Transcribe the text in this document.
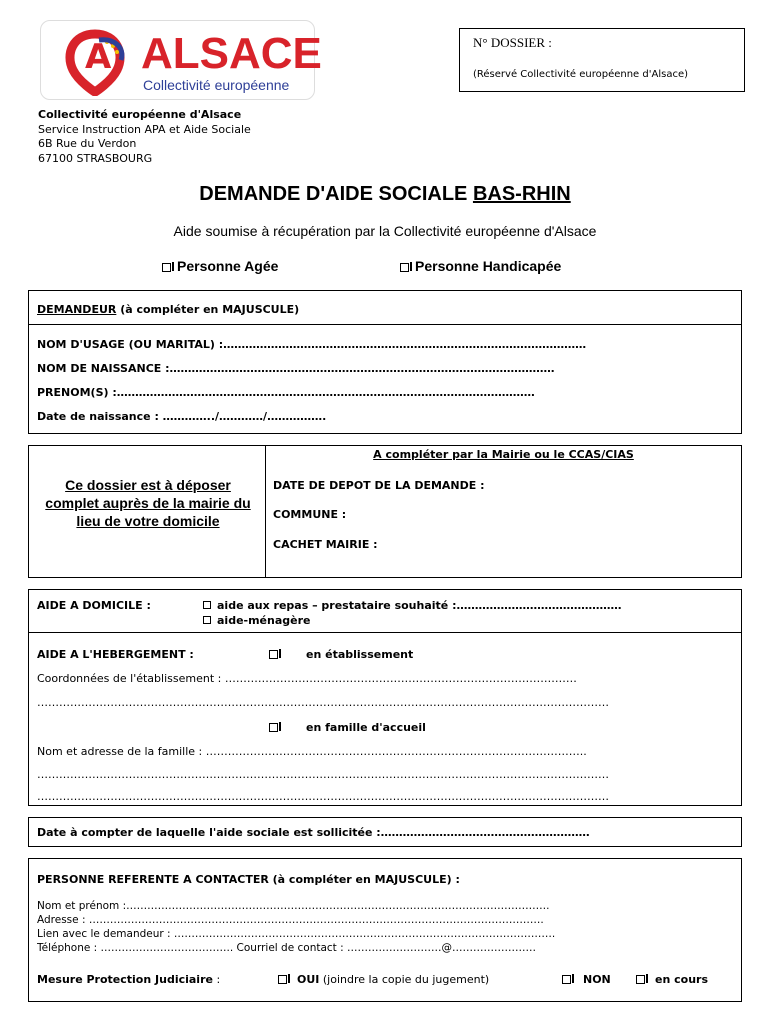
A ALSACE
Collectivité européenne
N° DOSSIER :
(Réservé Collectivité européenne d'Alsace)
Collectivité européenne d'Alsace
Service Instruction APA et Aide Sociale
6B Rue du Verdon
67100 STRASBOURG
DEMANDE D'AIDE SOCIALE BAS-RHIN
Aide soumise à récupération par la Collectivité européenne d'Alsace
Personne Agée	Personne Handicapée
DEMANDEUR (à compléter en MAJUSCULE)
NOM D'USAGE (OU MARITAL) :………………………………………………………………………………………
NOM DE NAISSANCE :……………………………………………………………………………………………
PRENOM(S) :……………………………………………………………………………………………………
Date de naissance : …………../…………/…………….
Ce dossier est à déposer complet auprès de la mairie du lieu de votre domicile
A compléter par la Mairie ou le CCAS/CIAS
DATE DE DEPOT DE LA DEMANDE :
COMMUNE :
CACHET MAIRIE :
AIDE A DOMICILE :	aide aux repas – prestataire souhaité :………………………………………
aide-ménagère
AIDE A L'HEBERGEMENT :	en établissement
Coordonnées de l'établissement : ……………………………………………………………………………………
…………………………………………………………………………………………………………………………………………
en famille d'accueil
Nom et adresse de la famille : …………………………………………………………………………………………..
…………………………………………………………………………………………………………………………………………
…………………………………………………………………………………………………………………………………………
Date à compter de laquelle l'aide sociale est sollicitée :…………………………………………………
PERSONNE REFERENTE A CONTACTER (à compléter en MAJUSCULE) :
Nom et prénom :………………………………………………………………………………………………………….
Adresse : ………………………………………………………………………………………………………………….
Lien avec le demandeur : ……………………………………………………………………………………………….
Téléphone : ……………………………….. Courriel de contact : ………………………@……………………
Mesure Protection Judiciaire :	OUI (joindre la copie du jugement)	NON	en cours
